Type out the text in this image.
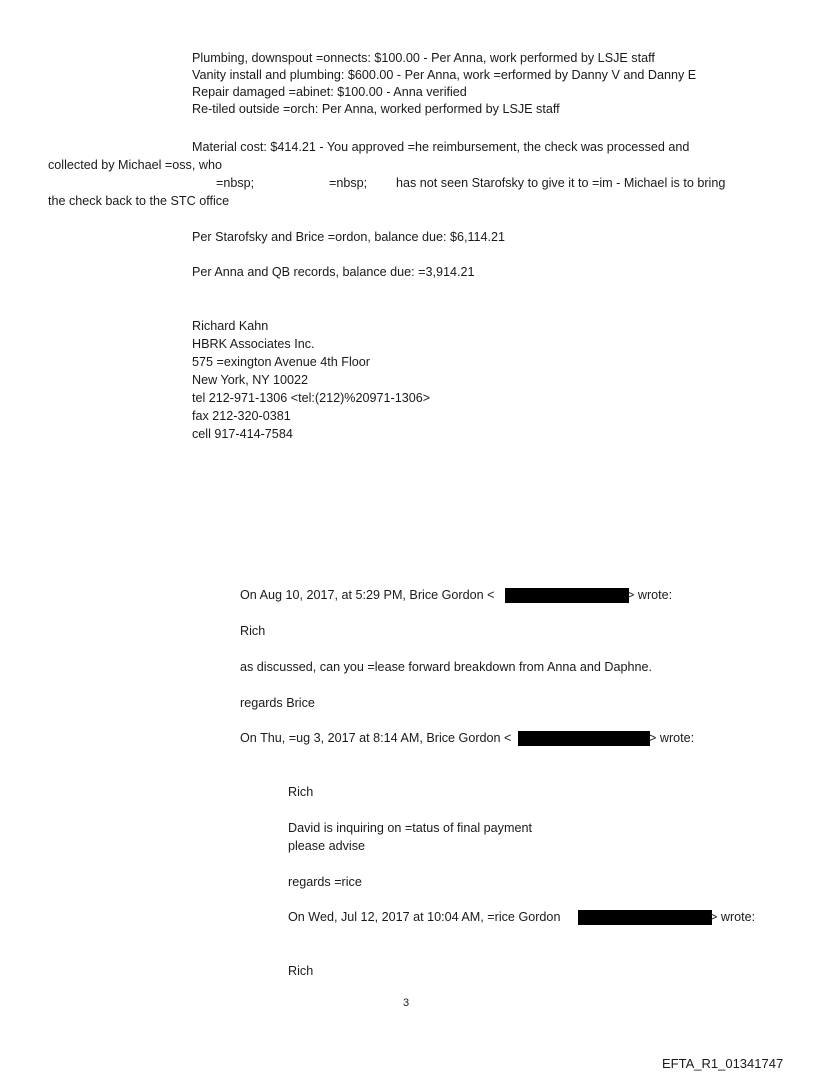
Plumbing, downspout =onnects: $100.00 - Per Anna, work performed by LSJE staff
Vanity install and plumbing: $600.00 - Per Anna, work =erformed by Danny V and Danny E
Repair damaged =abinet: $100.00 - Anna verified
Re-tiled outside =orch: Per Anna, worked performed by LSJE staff
Material cost: $414.21 - You approved =he reimbursement, the check was processed and
collected by Michael =oss, who
=nbsp;	=nbsp; has not seen Starofsky to give it to =im - Michael is to bring
the check back to the STC office
Per Starofsky and Brice =ordon, balance due: $6,114.21
Per Anna and QB records, balance due: =3,914.21
Richard Kahn
HBRK Associates Inc.
575 =exington Avenue 4th Floor
New York, NY 10022
tel 212-971-1306 <tel:(212)%20971-1306>
fax 212-320-0381
cell 917-414-7584
On Aug 10, 2017, at 5:29 PM, Brice Gordon <	> wrote:
Rich
as discussed, can you =lease forward breakdown from Anna and Daphne.
regards Brice
On Thu, =ug 3, 2017 at 8:14 AM, Brice Gordon <	> wrote:
Rich
David is inquiring on =tatus of final payment
please advise
regards =rice
On Wed, Jul 12, 2017 at 10:04 AM, =rice Gordon	> wrote:
Rich
3
EFTA_R1_01341747
